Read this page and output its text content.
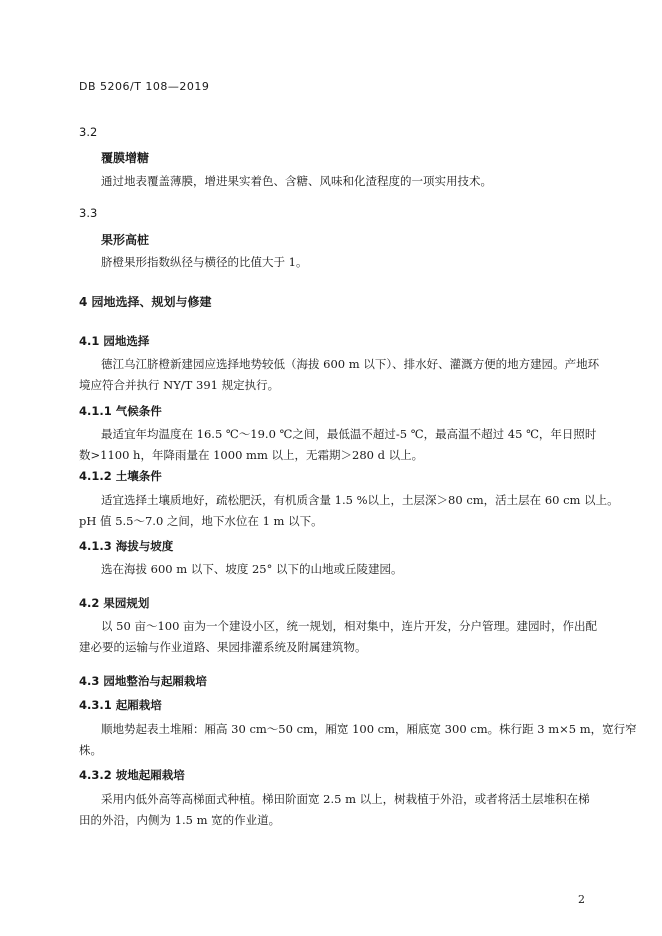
DB 5206/T 108—2019
3.2
覆膜增糖
通过地表覆盖薄膜，增进果实着色、含糖、风味和化渣程度的一项实用技术。
3.3
果形高桩
脐橙果形指数纵径与横径的比值大于 1。
4 园地选择、规划与修建
4.1 园地选择
德江乌江脐橙新建园应选择地势较低（海拔 600 m 以下）、排水好、灌溉方便的地方建园。产地环
境应符合并执行 NY/T 391 规定执行。
4.1.1 气候条件
最适宜年均温度在 16.5 ℃～19.0 ℃之间，最低温不超过-5 ℃，最高温不超过 45 ℃，年日照时
数>1100 h，年降雨量在 1000 mm 以上，无霜期＞280 d 以上。
4.1.2 土壤条件
适宜选择土壤质地好，疏松肥沃，有机质含量 1.5 %以上，土层深＞80 cm，活土层在 60 cm 以上。
pH 值 5.5～7.0 之间，地下水位在 1 m 以下。
4.1.3 海拔与坡度
选在海拔 600 m 以下、坡度 25° 以下的山地或丘陵建园。
4.2 果园规划
以 50 亩～100 亩为一个建设小区，统一规划，相对集中，连片开发，分户管理。建园时，作出配
建必要的运输与作业道路、果园排灌系统及附属建筑物。
4.3 园地整治与起厢栽培
4.3.1 起厢栽培
顺地势起表土堆厢：厢高 30 cm～50 cm，厢宽 100 cm，厢底宽 300 cm。株行距 3 m×5 m，宽行窄
株。
4.3.2 坡地起厢栽培
采用内低外高等高梯面式种植。梯田阶面宽 2.5 m 以上，树栽植于外沿，或者将活土层堆积在梯
田的外沿，内侧为 1.5 m 宽的作业道。
2
